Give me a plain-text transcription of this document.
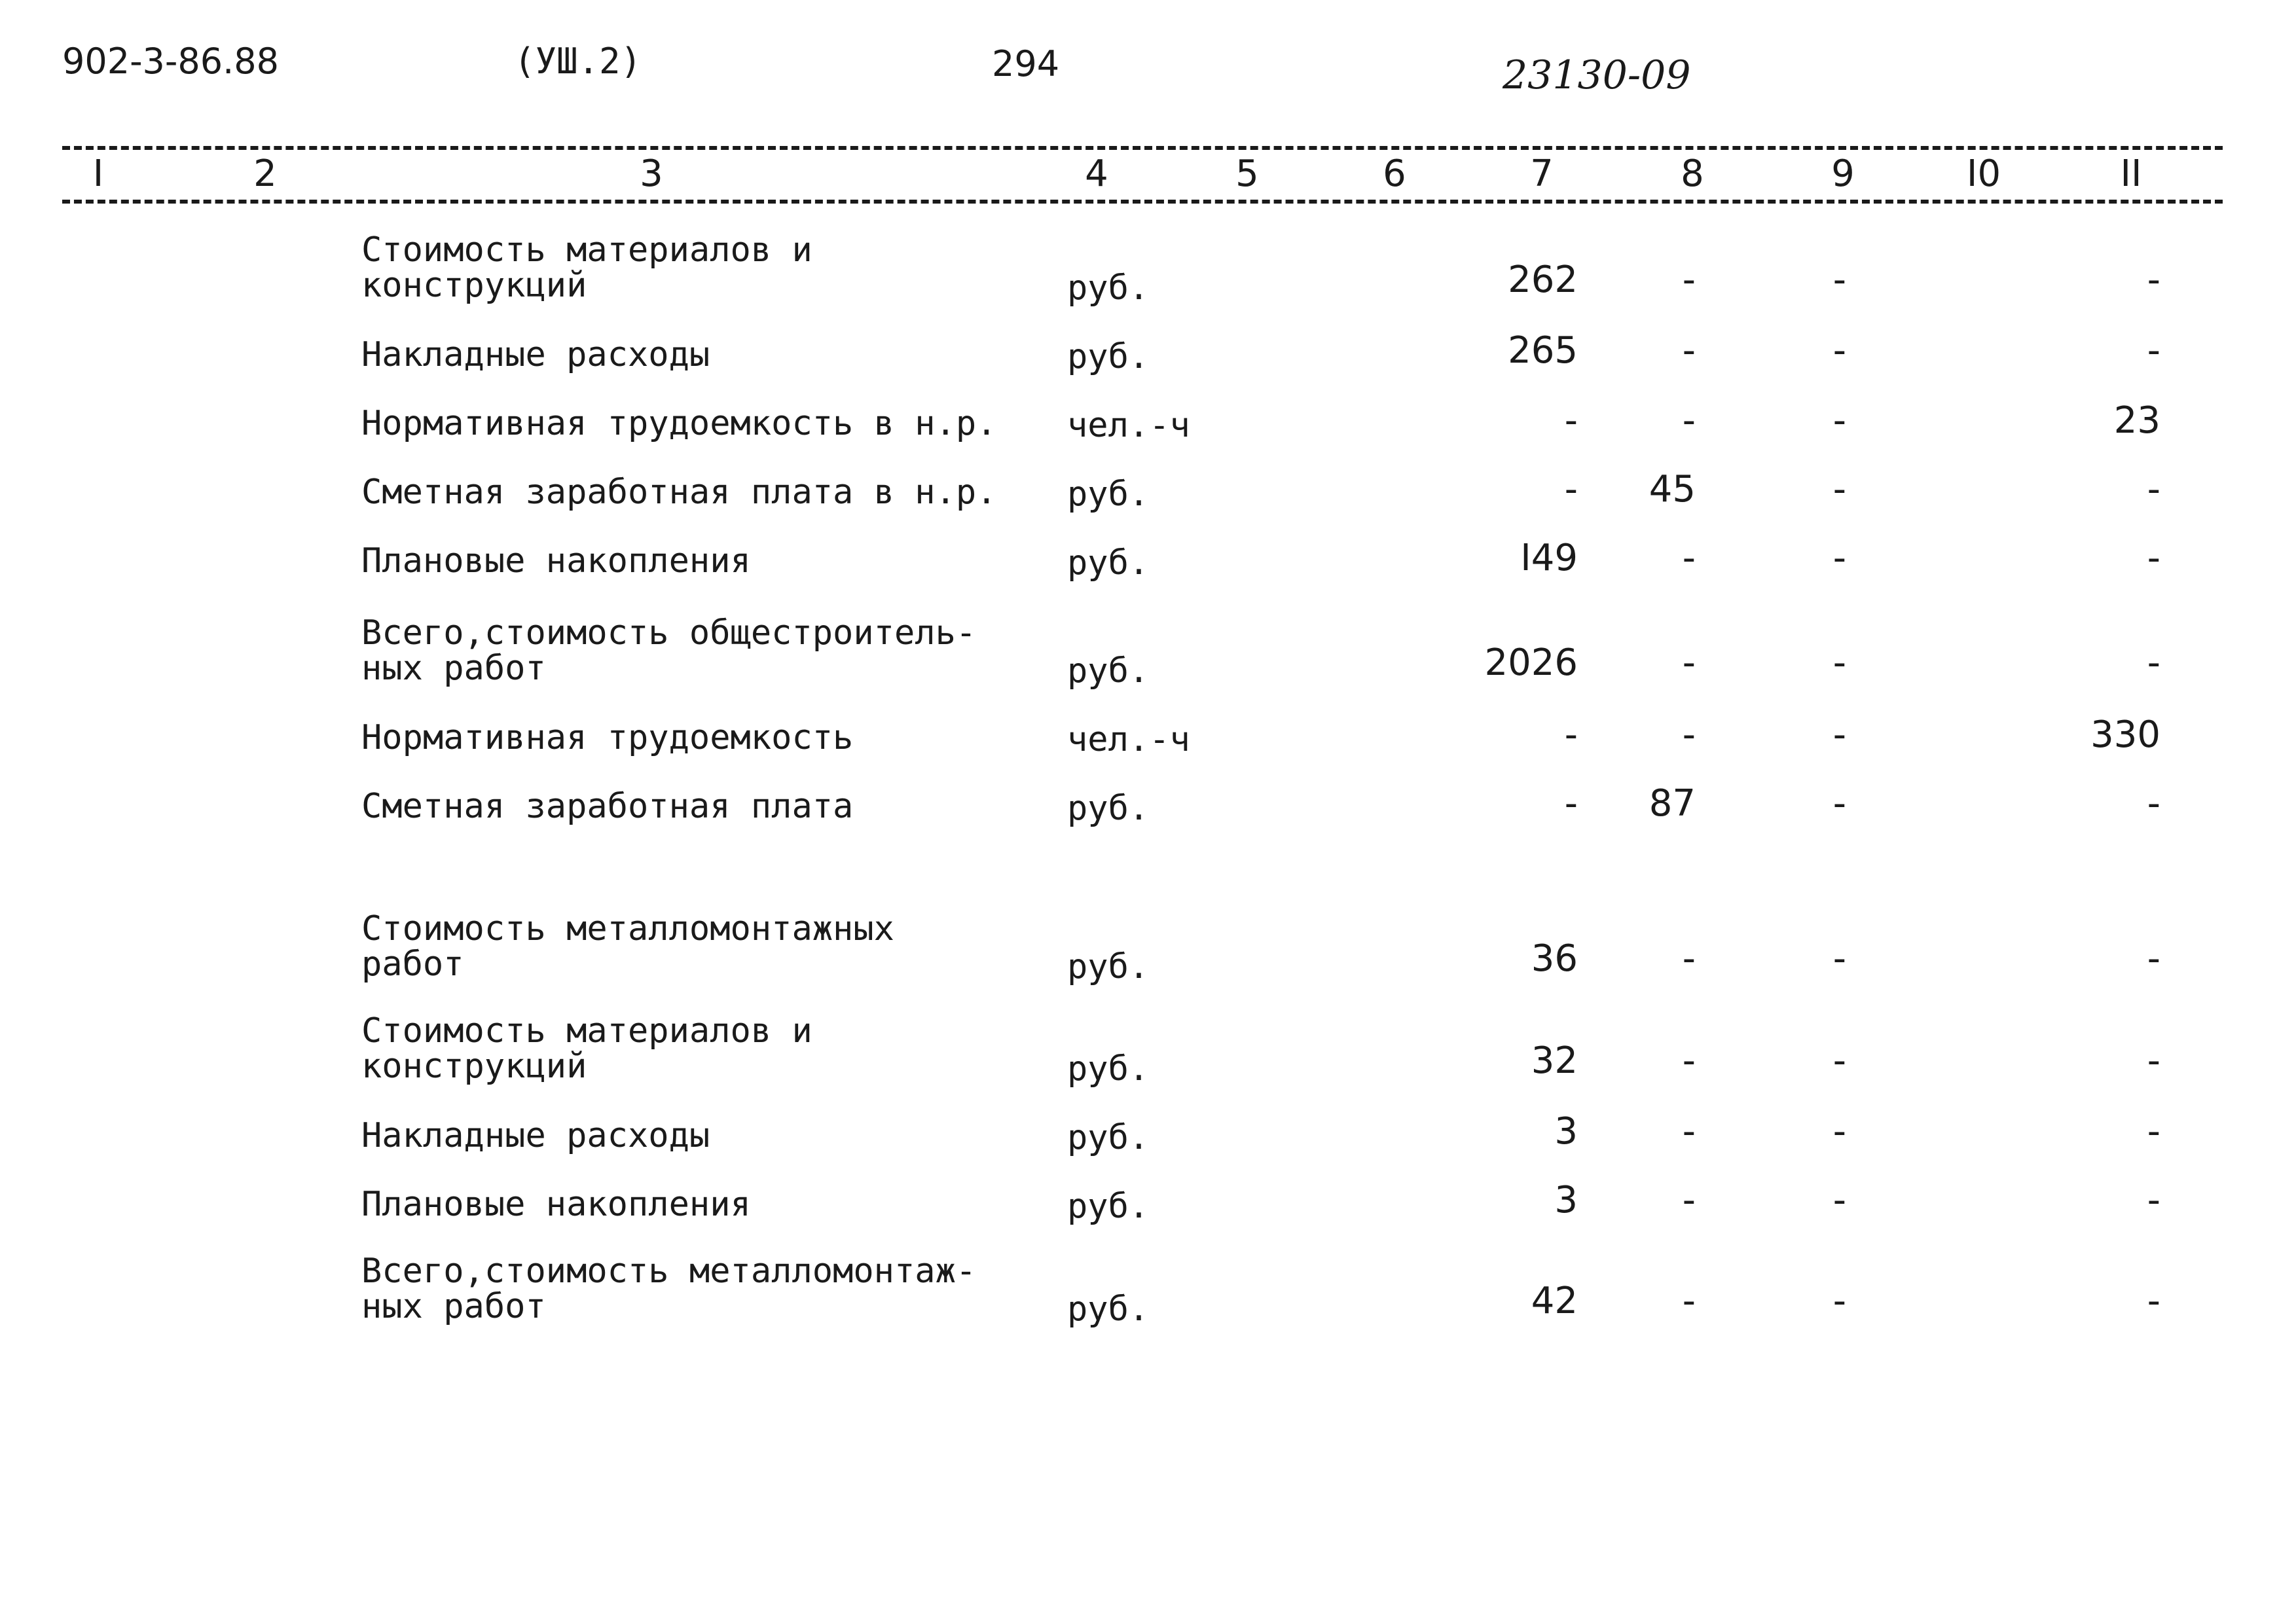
902-3-86.88	(УШ.2)	294	23130-09
I	2	3	4	5	6	7	8	9	I0	II
Стоимость материалов и
конструкций	руб.	262	-	-	-
Накладные расходы	руб.	265	-	-	-
Нормативная трудоемкость в н.р.	чел.-ч	-	-	-	23
Сметная заработная плата в н.р.	руб.	-	45	-	-
Плановые накопления	руб.	I49	-	-	-
Всего,стоимость общестроитель-
ных работ	руб.	2026	-	-	-
Нормативная трудоемкость	чел.-ч	-	-	-	330
Сметная заработная плата	руб.	-	87	-	-
Стоимость металломонтажных
работ	руб.	36	-	-	-
Стоимость материалов и
конструкций	руб.	32	-	-	-
Накладные расходы	руб.	3	-	-	-
Плановые накопления	руб.	3	-	-	-
Всего,стоимость металломонтаж-
ных работ	руб.	42	-	-	-
